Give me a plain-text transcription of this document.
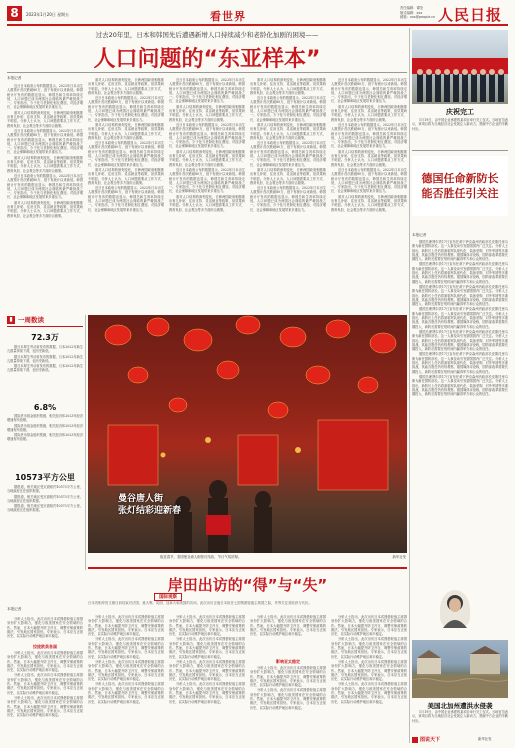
8	2023年1月20日 星期五	看世界
责任编辑：谭莹
版式编辑：xxx
邮箱：xxx@people.cn 人民日报
过去20年里，日本和韩国先后遭遇新增人口持续减少和老龄化加剧的困境——
人口问题的“东亚样本”
本报记者

近日日本政府公布的数据显示，2022年日本出生人数预计首次跌破80万，创下有统计以来新低。韩国统计厅发布的数据也显示，韩国总和生育率持续走低，人口问题已成为两国社会面临的最严峻挑战之一。专家指出，少子化与老龄化相互叠加，对经济增长、社会保障和地区发展带来多重压力。

面对人口结构的深刻变化，日韩两国政府相继推出育儿补贴、住房支持、灵活就业等政策，但效果尚不明显。分析人士认为，人口问题需要从工作方式、教育负担、社会观念等多方面综合施策。

近日日本政府公布的数据显示，2022年日本出生人数预计首次跌破80万，创下有统计以来新低。韩国统计厅发布的数据也显示，韩国总和生育率持续走低，人口问题已成为两国社会面临的最严峻挑战之一。专家指出，少子化与老龄化相互叠加，对经济增长、社会保障和地区发展带来多重压力。

面对人口结构的深刻变化，日韩两国政府相继推出育儿补贴、住房支持、灵活就业等政策，但效果尚不明显。分析人士认为，人口问题需要从工作方式、教育负担、社会观念等多方面综合施策。

近日日本政府公布的数据显示，2022年日本出生人数预计首次跌破80万，创下有统计以来新低。韩国统计厅发布的数据也显示，韩国总和生育率持续走低，人口问题已成为两国社会面临的最严峻挑战之一。专家指出，少子化与老龄化相互叠加，对经济增长、社会保障和地区发展带来多重压力。

面对人口结构的深刻变化，日韩两国政府相继推出育儿补贴、住房支持、灵活就业等政策，但效果尚不明显。分析人士认为，人口问题需要从工作方式、教育负担、社会观念等多方面综合施策。

面对人口结构的深刻变化，日韩两国政府相继推出育儿补贴、住房支持、灵活就业等政策，但效果尚不明显。分析人士认为，人口问题需要从工作方式、教育负担、社会观念等多方面综合施策。

近日日本政府公布的数据显示，2022年日本出生人数预计首次跌破80万，创下有统计以来新低。韩国统计厅发布的数据也显示，韩国总和生育率持续走低，人口问题已成为两国社会面临的最严峻挑战之一。专家指出，少子化与老龄化相互叠加，对经济增长、社会保障和地区发展带来多重压力。

面对人口结构的深刻变化，日韩两国政府相继推出育儿补贴、住房支持、灵活就业等政策，但效果尚不明显。分析人士认为，人口问题需要从工作方式、教育负担、社会观念等多方面综合施策。

近日日本政府公布的数据显示，2022年日本出生人数预计首次跌破80万，创下有统计以来新低。韩国统计厅发布的数据也显示，韩国总和生育率持续走低，人口问题已成为两国社会面临的最严峻挑战之一。专家指出，少子化与老龄化相互叠加，对经济增长、社会保障和地区发展带来多重压力。

面对人口结构的深刻变化，日韩两国政府相继推出育儿补贴、住房支持、灵活就业等政策，但效果尚不明显。分析人士认为，人口问题需要从工作方式、教育负担、社会观念等多方面综合施策。

近日日本政府公布的数据显示，2022年日本出生人数预计首次跌破80万，创下有统计以来新低。韩国统计厅发布的数据也显示，韩国总和生育率持续走低，人口问题已成为两国社会面临的最严峻挑战之一。专家指出，少子化与老龄化相互叠加，对经济增长、社会保障和地区发展带来多重压力。

近日日本政府公布的数据显示，2022年日本出生人数预计首次跌破80万，创下有统计以来新低。韩国统计厅发布的数据也显示，韩国总和生育率持续走低，人口问题已成为两国社会面临的最严峻挑战之一。专家指出，少子化与老龄化相互叠加，对经济增长、社会保障和地区发展带来多重压力。

面对人口结构的深刻变化，日韩两国政府相继推出育儿补贴、住房支持、灵活就业等政策，但效果尚不明显。分析人士认为，人口问题需要从工作方式、教育负担、社会观念等多方面综合施策。

近日日本政府公布的数据显示，2022年日本出生人数预计首次跌破80万，创下有统计以来新低。韩国统计厅发布的数据也显示，韩国总和生育率持续走低，人口问题已成为两国社会面临的最严峻挑战之一。专家指出，少子化与老龄化相互叠加，对经济增长、社会保障和地区发展带来多重压力。

面对人口结构的深刻变化，日韩两国政府相继推出育儿补贴、住房支持、灵活就业等政策，但效果尚不明显。分析人士认为，人口问题需要从工作方式、教育负担、社会观念等多方面综合施策。

近日日本政府公布的数据显示，2022年日本出生人数预计首次跌破80万，创下有统计以来新低。韩国统计厅发布的数据也显示，韩国总和生育率持续走低，人口问题已成为两国社会面临的最严峻挑战之一。专家指出，少子化与老龄化相互叠加，对经济增长、社会保障和地区发展带来多重压力。

面对人口结构的深刻变化，日韩两国政府相继推出育儿补贴、住房支持、灵活就业等政策，但效果尚不明显。分析人士认为，人口问题需要从工作方式、教育负担、社会观念等多方面综合施策。

面对人口结构的深刻变化，日韩两国政府相继推出育儿补贴、住房支持、灵活就业等政策，但效果尚不明显。分析人士认为，人口问题需要从工作方式、教育负担、社会观念等多方面综合施策。

近日日本政府公布的数据显示，2022年日本出生人数预计首次跌破80万，创下有统计以来新低。韩国统计厅发布的数据也显示，韩国总和生育率持续走低，人口问题已成为两国社会面临的最严峻挑战之一。专家指出，少子化与老龄化相互叠加，对经济增长、社会保障和地区发展带来多重压力。

面对人口结构的深刻变化，日韩两国政府相继推出育儿补贴、住房支持、灵活就业等政策，但效果尚不明显。分析人士认为，人口问题需要从工作方式、教育负担、社会观念等多方面综合施策。

近日日本政府公布的数据显示，2022年日本出生人数预计首次跌破80万，创下有统计以来新低。韩国统计厅发布的数据也显示，韩国总和生育率持续走低，人口问题已成为两国社会面临的最严峻挑战之一。专家指出，少子化与老龄化相互叠加，对经济增长、社会保障和地区发展带来多重压力。

面对人口结构的深刻变化，日韩两国政府相继推出育儿补贴、住房支持、灵活就业等政策，但效果尚不明显。分析人士认为，人口问题需要从工作方式、教育负担、社会观念等多方面综合施策。

近日日本政府公布的数据显示，2022年日本出生人数预计首次跌破80万，创下有统计以来新低。韩国统计厅发布的数据也显示，韩国总和生育率持续走低，人口问题已成为两国社会面临的最严峻挑战之一。专家指出，少子化与老龄化相互叠加，对经济增长、社会保障和地区发展带来多重压力。

近日日本政府公布的数据显示，2022年日本出生人数预计首次跌破80万，创下有统计以来新低。韩国统计厅发布的数据也显示，韩国总和生育率持续走低，人口问题已成为两国社会面临的最严峻挑战之一。专家指出，少子化与老龄化相互叠加，对经济增长、社会保障和地区发展带来多重压力。

面对人口结构的深刻变化，日韩两国政府相继推出育儿补贴、住房支持、灵活就业等政策，但效果尚不明显。分析人士认为，人口问题需要从工作方式、教育负担、社会观念等多方面综合施策。

近日日本政府公布的数据显示，2022年日本出生人数预计首次跌破80万，创下有统计以来新低。韩国统计厅发布的数据也显示，韩国总和生育率持续走低，人口问题已成为两国社会面临的最严峻挑战之一。专家指出，少子化与老龄化相互叠加，对经济增长、社会保障和地区发展带来多重压力。

面对人口结构的深刻变化，日韩两国政府相继推出育儿补贴、住房支持、灵活就业等政策，但效果尚不明显。分析人士认为，人口问题需要从工作方式、教育负担、社会观念等多方面综合施策。

近日日本政府公布的数据显示，2022年日本出生人数预计首次跌破80万，创下有统计以来新低。韩国统计厅发布的数据也显示，韩国总和生育率持续走低，人口问题已成为两国社会面临的最严峻挑战之一。专家指出，少子化与老龄化相互叠加，对经济增长、社会保障和地区发展带来多重压力。

面对人口结构的深刻变化，日韩两国政府相继推出育儿补贴、住房支持、灵活就业等政策，但效果尚不明显。分析人士认为，人口问题需要从工作方式、教育负担、社会观念等多方面综合施策。

▮ 一周数读
72.3万

据日本厚生劳动省发布的数据，日本2022年新生儿数量持续下滑，创历史新低。

据日本厚生劳动省发布的数据，日本2022年新生儿数量持续下滑，创历史新低。

据日本厚生劳动省发布的数据，日本2022年新生儿数量持续下滑，创历史新低。

6.8%

国际货币基金组织预测，相关经济体2023年经济增速有所放缓。

国际货币基金组织预测，相关经济体2023年经济增速有所放缓。

国际货币基金组织预测，相关经济体2023年经济增速有所放缓。

10573平方公里

据报道，相关地区受灾面积约10573平方公里，当地政府正在组织救援。

据报道，相关地区受灾面积约10573平方公里，当地政府正在组织救援。

据报道，相关地区受灾面积约10573平方公里，当地政府正在组织救援。

曼谷唐人街
张灯结彩迎新春
临近春节，泰国曼谷唐人街张灯结彩，节日气氛浓厚。	新华社发
岸田出访的“得”与“失”
国际观察
日本首相岸田文雄日前结束对法国、意大利、英国、加拿大和美国的访问。此次出访正值日本担任七国集团轮值主席国之际，外界关注其收获与代价。
本报记者

分析人士指出，此次出访日本试图借轮值主席国身份扩大影响力，强化与欧美国家在安全领域的合作。然而，日本大幅提升防卫开支、调整安保政策的做法，引发地区国家担忧。专家表示，日本应当正视历史，以实际行动维护地区和平稳定。

拉拢欧美各国

分析人士指出，此次出访日本试图借轮值主席国身份扩大影响力，强化与欧美国家在安全领域的合作。然而，日本大幅提升防卫开支、调整安保政策的做法，引发地区国家担忧。专家表示，日本应当正视历史，以实际行动维护地区和平稳定。

分析人士指出，此次出访日本试图借轮值主席国身份扩大影响力，强化与欧美国家在安全领域的合作。然而，日本大幅提升防卫开支、调整安保政策的做法，引发地区国家担忧。专家表示，日本应当正视历史，以实际行动维护地区和平稳定。

分析人士指出，此次出访日本试图借轮值主席国身份扩大影响力，强化与欧美国家在安全领域的合作。然而，日本大幅提升防卫开支、调整安保政策的做法，引发地区国家担忧。专家表示，日本应当正视历史，以实际行动维护地区和平稳定。

分析人士指出，此次出访日本试图借轮值主席国身份扩大影响力，强化与欧美国家在安全领域的合作。然而，日本大幅提升防卫开支、调整安保政策的做法，引发地区国家担忧。专家表示，日本应当正视历史，以实际行动维护地区和平稳定。

分析人士指出，此次出访日本试图借轮值主席国身份扩大影响力，强化与欧美国家在安全领域的合作。然而，日本大幅提升防卫开支、调整安保政策的做法，引发地区国家担忧。专家表示，日本应当正视历史，以实际行动维护地区和平稳定。

分析人士指出，此次出访日本试图借轮值主席国身份扩大影响力，强化与欧美国家在安全领域的合作。然而，日本大幅提升防卫开支、调整安保政策的做法，引发地区国家担忧。专家表示，日本应当正视历史，以实际行动维护地区和平稳定。

分析人士指出，此次出访日本试图借轮值主席国身份扩大影响力，强化与欧美国家在安全领域的合作。然而，日本大幅提升防卫开支、调整安保政策的做法，引发地区国家担忧。专家表示，日本应当正视历史，以实际行动维护地区和平稳定。

分析人士指出，此次出访日本试图借轮值主席国身份扩大影响力，强化与欧美国家在安全领域的合作。然而，日本大幅提升防卫开支、调整安保政策的做法，引发地区国家担忧。专家表示，日本应当正视历史，以实际行动维护地区和平稳定。

分析人士指出，此次出访日本试图借轮值主席国身份扩大影响力，强化与欧美国家在安全领域的合作。然而，日本大幅提升防卫开支、调整安保政策的做法，引发地区国家担忧。专家表示，日本应当正视历史，以实际行动维护地区和平稳定。

分析人士指出，此次出访日本试图借轮值主席国身份扩大影响力，强化与欧美国家在安全领域的合作。然而，日本大幅提升防卫开支、调整安保政策的做法，引发地区国家担忧。专家表示，日本应当正视历史，以实际行动维护地区和平稳定。

分析人士指出，此次出访日本试图借轮值主席国身份扩大影响力，强化与欧美国家在安全领域的合作。然而，日本大幅提升防卫开支、调整安保政策的做法，引发地区国家担忧。专家表示，日本应当正视历史，以实际行动维护地区和平稳定。

分析人士指出，此次出访日本试图借轮值主席国身份扩大影响力，强化与欧美国家在安全领域的合作。然而，日本大幅提升防卫开支、调整安保政策的做法，引发地区国家担忧。专家表示，日本应当正视历史，以实际行动维护地区和平稳定。

影响亚太稳定

分析人士指出，此次出访日本试图借轮值主席国身份扩大影响力，强化与欧美国家在安全领域的合作。然而，日本大幅提升防卫开支、调整安保政策的做法，引发地区国家担忧。专家表示，日本应当正视历史，以实际行动维护地区和平稳定。

分析人士指出，此次出访日本试图借轮值主席国身份扩大影响力，强化与欧美国家在安全领域的合作。然而，日本大幅提升防卫开支、调整安保政策的做法，引发地区国家担忧。专家表示，日本应当正视历史，以实际行动维护地区和平稳定。

分析人士指出，此次出访日本试图借轮值主席国身份扩大影响力，强化与欧美国家在安全领域的合作。然而，日本大幅提升防卫开支、调整安保政策的做法，引发地区国家担忧。专家表示，日本应当正视历史，以实际行动维护地区和平稳定。

分析人士指出，此次出访日本试图借轮值主席国身份扩大影响力，强化与欧美国家在安全领域的合作。然而，日本大幅提升防卫开支、调整安保政策的做法，引发地区国家担忧。专家表示，日本应当正视历史，以实际行动维护地区和平稳定。

分析人士指出，此次出访日本试图借轮值主席国身份扩大影响力，强化与欧美国家在安全领域的合作。然而，日本大幅提升防卫开支、调整安保政策的做法，引发地区国家担忧。专家表示，日本应当正视历史，以实际行动维护地区和平稳定。

分析人士指出，此次出访日本试图借轮值主席国身份扩大影响力，强化与欧美国家在安全领域的合作。然而，日本大幅提升防卫开支、调整安保政策的做法，引发地区国家担忧。专家表示，日本应当正视历史，以实际行动维护地区和平稳定。

庆祝完工

1月19日，由中国企业承建的某项目举行完工仪式。当地官员表示，该项目将为当地经济社会发展注入新动力，感谢中方企业的辛勤付出。

德国任命新防长
能否胜任引关注
本报记者

德国总理朔尔茨17日宣布任命下萨克森州内政部长皮斯托里乌斯为新任国防部长。这一人事变动引发德国国内广泛关注。分析人士指出，新防长上任后将面临军队现代化、装备采购、对外军援等多重挑战，其能否胜任仍有待观察。德国媒体评论称，国防部改革需要长期投入，新防长需要在短时间内赢得军方和公众的信任。

德国总理朔尔茨17日宣布任命下萨克森州内政部长皮斯托里乌斯为新任国防部长。这一人事变动引发德国国内广泛关注。分析人士指出，新防长上任后将面临军队现代化、装备采购、对外军援等多重挑战，其能否胜任仍有待观察。德国媒体评论称，国防部改革需要长期投入，新防长需要在短时间内赢得军方和公众的信任。

德国总理朔尔茨17日宣布任命下萨克森州内政部长皮斯托里乌斯为新任国防部长。这一人事变动引发德国国内广泛关注。分析人士指出，新防长上任后将面临军队现代化、装备采购、对外军援等多重挑战，其能否胜任仍有待观察。德国媒体评论称，国防部改革需要长期投入，新防长需要在短时间内赢得军方和公众的信任。

德国总理朔尔茨17日宣布任命下萨克森州内政部长皮斯托里乌斯为新任国防部长。这一人事变动引发德国国内广泛关注。分析人士指出，新防长上任后将面临军队现代化、装备采购、对外军援等多重挑战，其能否胜任仍有待观察。德国媒体评论称，国防部改革需要长期投入，新防长需要在短时间内赢得军方和公众的信任。

德国总理朔尔茨17日宣布任命下萨克森州内政部长皮斯托里乌斯为新任国防部长。这一人事变动引发德国国内广泛关注。分析人士指出，新防长上任后将面临军队现代化、装备采购、对外军援等多重挑战，其能否胜任仍有待观察。德国媒体评论称，国防部改革需要长期投入，新防长需要在短时间内赢得军方和公众的信任。

德国总理朔尔茨17日宣布任命下萨克森州内政部长皮斯托里乌斯为新任国防部长。这一人事变动引发德国国内广泛关注。分析人士指出，新防长上任后将面临军队现代化、装备采购、对外军援等多重挑战，其能否胜任仍有待观察。德国媒体评论称，国防部改革需要长期投入，新防长需要在短时间内赢得军方和公众的信任。

德国总理朔尔茨17日宣布任命下萨克森州内政部长皮斯托里乌斯为新任国防部长。这一人事变动引发德国国内广泛关注。分析人士指出，新防长上任后将面临军队现代化、装备采购、对外军援等多重挑战，其能否胜任仍有待观察。德国媒体评论称，国防部改革需要长期投入，新防长需要在短时间内赢得军方和公众的信任。

美国北加州遭洪水侵袭

1月19日，由中国企业承建的某项目举行完工仪式。当地官员表示，该项目将为当地经济社会发展注入新动力，感谢中方企业的辛勤付出。

图说天下	新华社发
